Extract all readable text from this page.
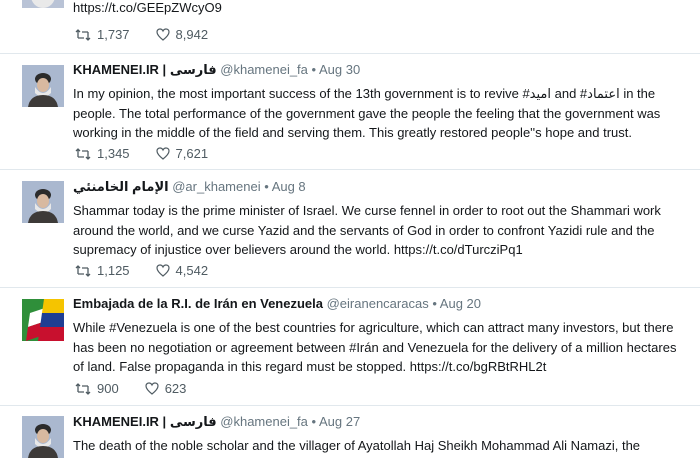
https://t.co/GEEpZWcyO9
1,737	8,942
KHAMENEI.IR | فارسی @khamenei_fa • Aug 30
In my opinion, the most important success of the 13th government is to revive #امید and #اعتماد in the people. The total performance of the government gave the people the feeling that the government was working in the middle of the field and serving them. This greatly restored people''s hope and trust.
1,345	7,621
الإمام الخامنئي @ar_khamenei • Aug 8
Shammar today is the prime minister of Israel. We curse fennel in order to root out the Shammari work around the world, and we curse Yazid and the servants of God in order to confront Yazidi rule and the supremacy of injustice over believers around the world. https://t.co/dTurcziPq1
1,125	4,542
Embajada de la R.I. de Irán en Venezuela @eiranencaracas • Aug 20
While #Venezuela is one of the best countries for agriculture, which can attract many investors, but there has been no negotiation or agreement between #Irán and Venezuela for the delivery of a million hectares of land. False propaganda in this regard must be stopped. https://t.co/bgRBtRHL2t
900	623
KHAMENEI.IR | فارسی @khamenei_fa • Aug 27
The death of the noble scholar and the villager of Ayatollah Haj Sheikh Mohammad Ali Namazi, the
